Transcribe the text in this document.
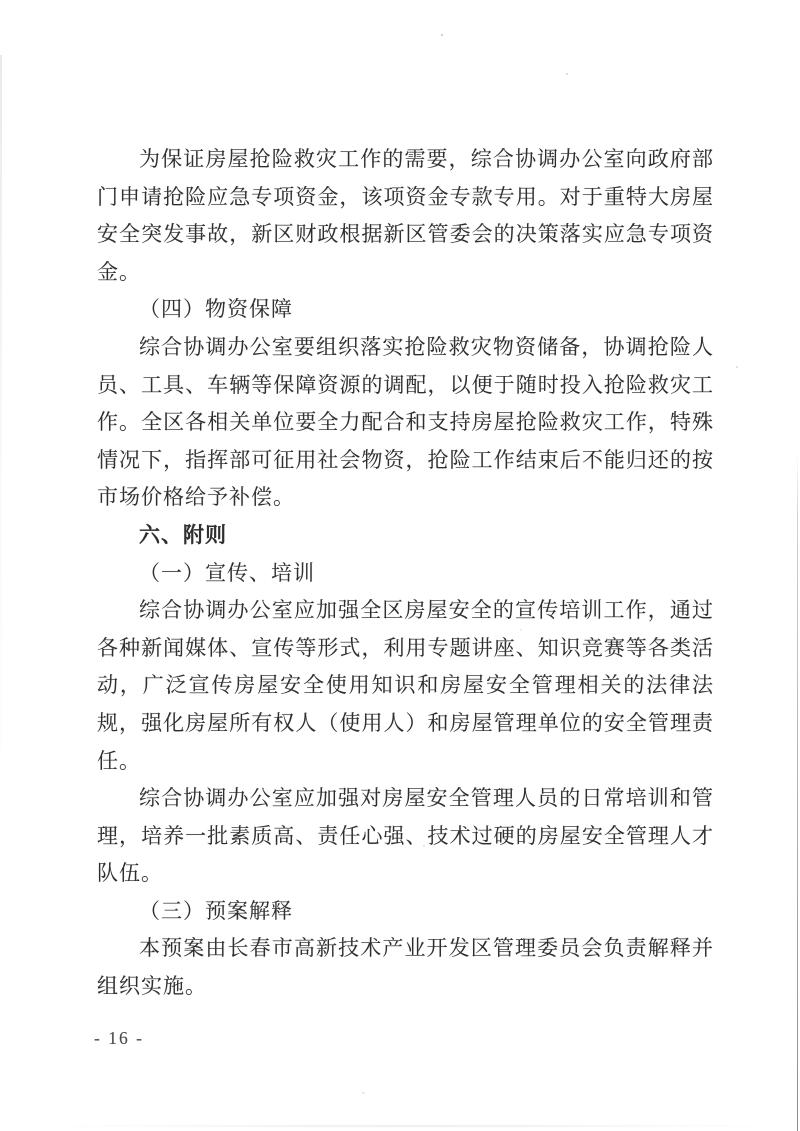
为保证房屋抢险救灾工作的需要，综合协调办公室向政府部门申请抢险应急专项资金，该项资金专款专用。对于重特大房屋安全突发事故，新区财政根据新区管委会的决策落实应急专项资金。

（四）物资保障

综合协调办公室要组织落实抢险救灾物资储备，协调抢险人员、工具、车辆等保障资源的调配，以便于随时投入抢险救灾工作。全区各相关单位要全力配合和支持房屋抢险救灾工作，特殊情况下，指挥部可征用社会物资，抢险工作结束后不能归还的按市场价格给予补偿。

六、附则

（一）宣传、培训

综合协调办公室应加强全区房屋安全的宣传培训工作，通过各种新闻媒体、宣传等形式，利用专题讲座、知识竞赛等各类活动，广泛宣传房屋安全使用知识和房屋安全管理相关的法律法规，强化房屋所有权人（使用人）和房屋管理单位的安全管理责任。

综合协调办公室应加强对房屋安全管理人员的日常培训和管理，培养一批素质高、责任心强、技术过硬的房屋安全管理人才队伍。

（三）预案解释

本预案由长春市高新技术产业开发区管理委员会负责解释并组织实施。

- 16 -
